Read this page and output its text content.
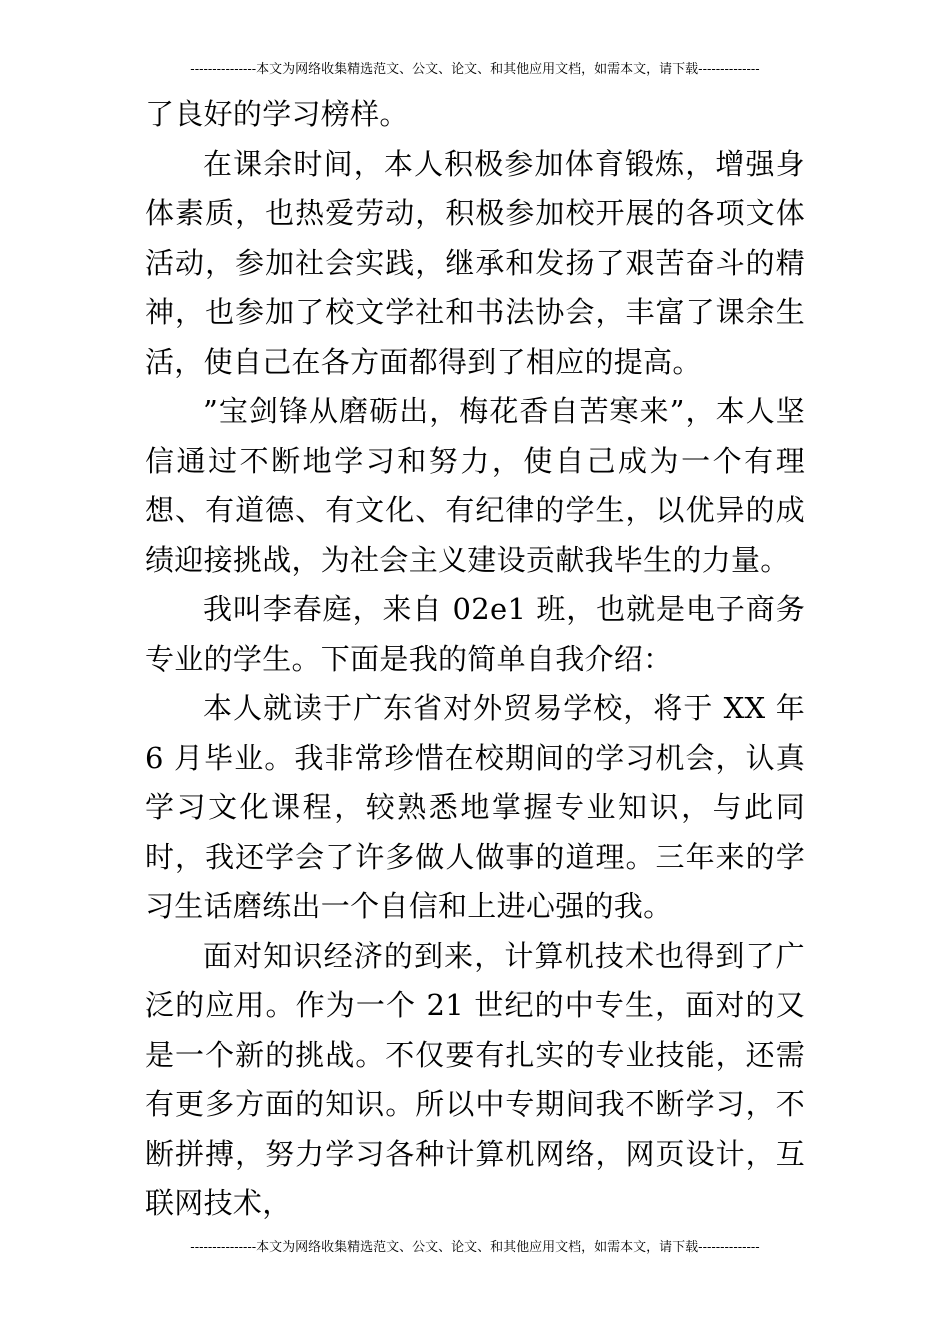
---------------本文为网络收集精选范文、公文、论文、和其他应用文档，如需本文，请下载--------------

了良好的学习榜样。

在课余时间，本人积极参加体育锻炼，增强身体素质，也热爱劳动，积极参加校开展的各项文体活动，参加社会实践，继承和发扬了艰苦奋斗的精神，也参加了校文学社和书法协会，丰富了课余生活，使自己在各方面都得到了相应的提高。

”宝剑锋从磨砺出，梅花香自苦寒来”，本人坚信通过不断地学习和努力，使自己成为一个有理想、有道德、有文化、有纪律的学生，以优异的成绩迎接挑战，为社会主义建设贡献我毕生的力量。

我叫李春庭，来自 02e1 班，也就是电子商务专业的学生。下面是我的简单自我介绍：

本人就读于广东省对外贸易学校，将于 XX 年 6 月毕业。我非常珍惜在校期间的学习机会，认真学习文化课程，较熟悉地掌握专业知识，与此同时，我还学会了许多做人做事的道理。三年来的学习生话磨练出一个自信和上进心强的我。

面对知识经济的到来，计算机技术也得到了广泛的应用。作为一个 21 世纪的中专生，面对的又是一个新的挑战。不仅要有扎实的专业技能，还需有更多方面的知识。所以中专期间我不断学习，不断拼搏，努力学习各种计算机网络，网页设计，互联网技术，

---------------本文为网络收集精选范文、公文、论文、和其他应用文档，如需本文，请下载--------------
